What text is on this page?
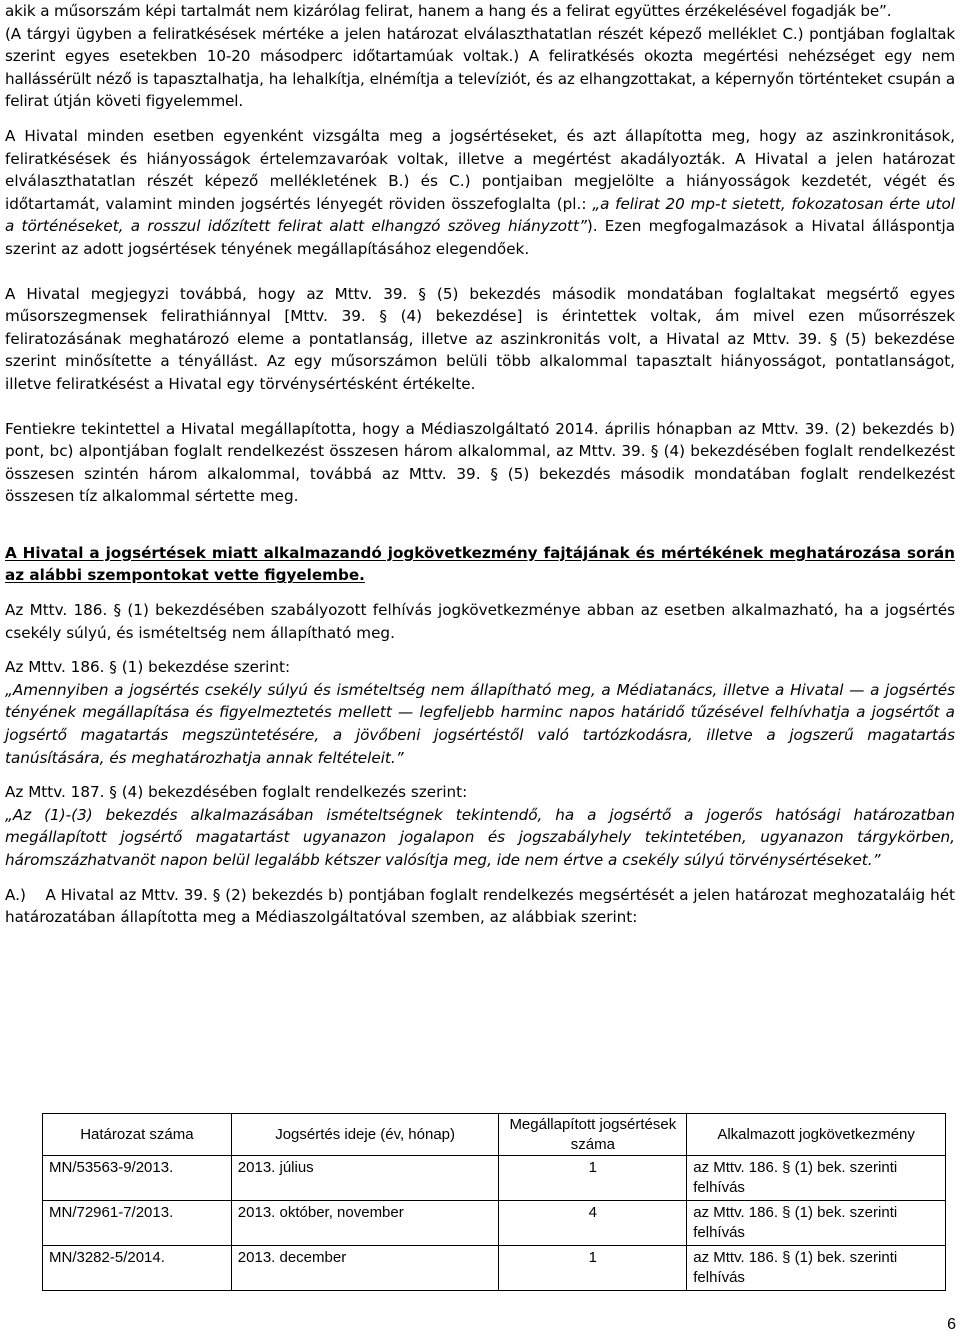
akik a műsorszám képi tartalmát nem kizárólag felirat, hanem a hang és a felirat együttes érzékelésével fogadják be”.

(A tárgyi ügyben a feliratkésések mértéke a jelen határozat elválaszthatatlan részét képező melléklet C.) pontjában foglaltak szerint egyes esetekben 10-20 másodperc időtartamúak voltak.) A feliratkésés okozta megértési nehézséget egy nem hallássérült néző is tapasztalhatja, ha lehalkítja, elnémítja a televíziót, és az elhangzottakat, a képernyőn történteket csupán a felirat útján követi figyelemmel.

A Hivatal minden esetben egyenként vizsgálta meg a jogsértéseket, és azt állapította meg, hogy az aszinkronitások, feliratkésések és hiányosságok értelemzavaróak voltak, illetve a megértést akadályozták. A Hivatal a jelen határozat elválaszthatatlan részét képező mellékletének B.) és C.) pontjaiban megjelölte a hiányosságok kezdetét, végét és időtartamát, valamint minden jogsértés lényegét röviden összefoglalta (pl.: „a felirat 20 mp-t sietett, fokozatosan érte utol a történéseket, a rosszul időzített felirat alatt elhangzó szöveg hiányzott”). Ezen megfogalmazások a Hivatal álláspontja szerint az adott jogsértések tényének megállapításához elegendőek.

A Hivatal megjegyzi továbbá, hogy az Mttv. 39. § (5) bekezdés második mondatában foglaltakat megsértő egyes műsorszegmensek felirathiánnyal [Mttv. 39. § (4) bekezdése] is érintettek voltak, ám mivel ezen műsorrészek feliratozásának meghatározó eleme a pontatlanság, illetve az aszinkronitás volt, a Hivatal az Mttv. 39. § (5) bekezdése szerint minősítette a tényállást. Az egy műsorszámon belüli több alkalommal tapasztalt hiányosságot, pontatlanságot, illetve feliratkésést a Hivatal egy törvénysértésként értékelte.

Fentiekre tekintettel a Hivatal megállapította, hogy a Médiaszolgáltató 2014. április hónapban az Mttv. 39. (2) bekezdés b) pont, bc) alpontjában foglalt rendelkezést összesen három alkalommal, az Mttv. 39. § (4) bekezdésében foglalt rendelkezést összesen szintén három alkalommal, továbbá az Mttv. 39. § (5) bekezdés második mondatában foglalt rendelkezést összesen tíz alkalommal sértette meg.

A Hivatal a jogsértések miatt alkalmazandó jogkövetkezmény fajtájának és mértékének meghatározása során az alábbi szempontokat vette figyelembe.

Az Mttv. 186. § (1) bekezdésében szabályozott felhívás jogkövetkezménye abban az esetben alkalmazható, ha a jogsértés csekély súlyú, és ismételtség nem állapítható meg.

Az Mttv. 186. § (1) bekezdése szerint:

„Amennyiben a jogsértés csekély súlyú és ismételtség nem állapítható meg, a Médiatanács, illetve a Hivatal — a jogsértés tényének megállapítása és figyelmeztetés mellett — legfeljebb harminc napos határidő tűzésével felhívhatja a jogsértőt a jogsértő magatartás megszüntetésére, a jövőbeni jogsértéstől való tartózkodásra, illetve a jogszerű magatartás tanúsítására, és meghatározhatja annak feltételeit.”

Az Mttv. 187. § (4) bekezdésében foglalt rendelkezés szerint:

„Az (1)-(3) bekezdés alkalmazásában ismételtségnek tekintendő, ha a jogsértő a jogerős hatósági határozatban megállapított jogsértő magatartást ugyanazon jogalapon és jogszabályhely tekintetében, ugyanazon tárgykörben, háromszázhatvanöt napon belül legalább kétszer valósítja meg, ide nem értve a csekély súlyú törvénysértéseket.”

A.) A Hivatal az Mttv. 39. § (2) bekezdés b) pontjában foglalt rendelkezés megsértését a jelen határozat meghozataláig hét határozatában állapította meg a Médiaszolgáltatóval szemben, az alábbiak szerint:

Határozat száma	Jogsértés ideje (év, hónap)	Megállapított jogsértések száma	Alkalmazott jogkövetkezmény
MN/53563-9/2013.	2013. július	1	az Mttv. 186. § (1) bek. szerinti felhívás
MN/72961-7/2013.	2013. október, november	4	az Mttv. 186. § (1) bek. szerinti felhívás
MN/3282-5/2014.	2013. december	1	az Mttv. 186. § (1) bek. szerinti felhívás
6
